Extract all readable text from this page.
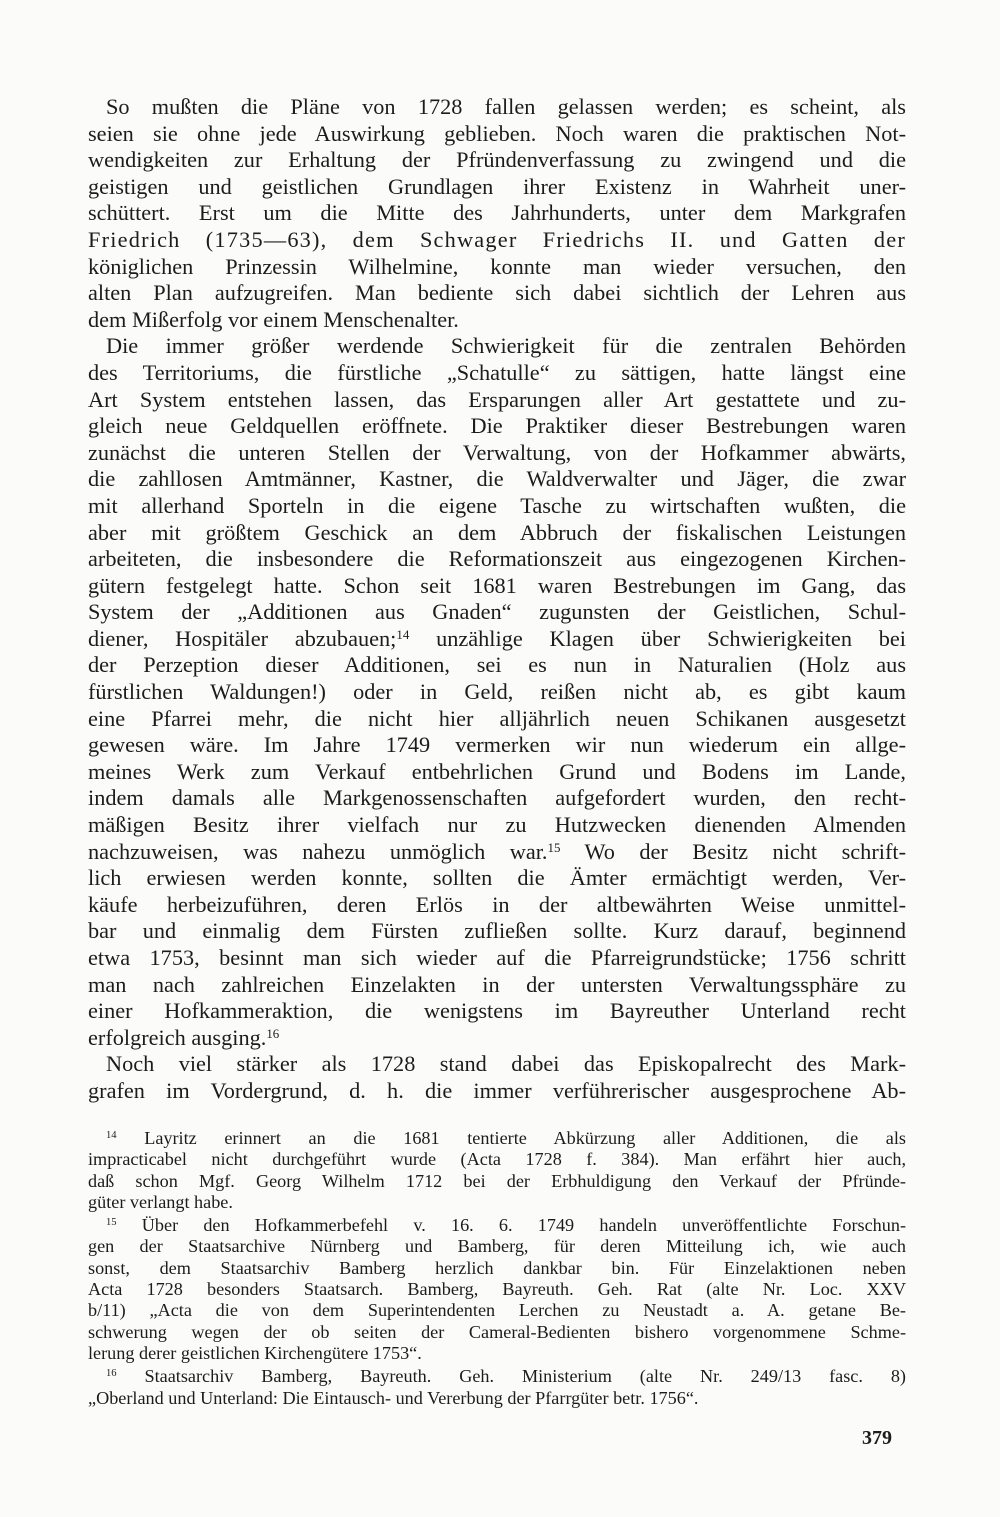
So mußten die Pläne von 1728 fallen gelassen werden; es scheint, als
seien sie ohne jede Auswirkung geblieben. Noch waren die praktischen Not-
wendigkeiten zur Erhaltung der Pfründenverfassung zu zwingend und die
geistigen und geistlichen Grundlagen ihrer Existenz in Wahrheit uner-
schüttert. Erst um die Mitte des Jahrhunderts, unter dem Markgrafen
Friedrich (1735—63), dem Schwager Friedrichs II. und Gatten der
königlichen Prinzessin Wilhelmine, konnte man wieder versuchen, den
alten Plan aufzugreifen. Man bediente sich dabei sichtlich der Lehren aus
dem Mißerfolg vor einem Menschenalter.

Die immer größer werdende Schwierigkeit für die zentralen Behörden
des Territoriums, die fürstliche „Schatulle“ zu sättigen, hatte längst eine
Art System entstehen lassen, das Ersparungen aller Art gestattete und zu-
gleich neue Geldquellen eröffnete. Die Praktiker dieser Bestrebungen waren
zunächst die unteren Stellen der Verwaltung, von der Hofkammer abwärts,
die zahllosen Amtmänner, Kastner, die Waldverwalter und Jäger, die zwar
mit allerhand Sporteln in die eigene Tasche zu wirtschaften wußten, die
aber mit größtem Geschick an dem Abbruch der fiskalischen Leistungen
arbeiteten, die insbesondere die Reformationszeit aus eingezogenen Kirchen-
gütern festgelegt hatte. Schon seit 1681 waren Bestrebungen im Gang, das
System der „Additionen aus Gnaden“ zugunsten der Geistlichen, Schul-
diener, Hospitäler abzubauen;$^{14}$ unzählige Klagen über Schwierigkeiten bei
der Perzeption dieser Additionen, sei es nun in Naturalien (Holz aus
fürstlichen Waldungen!) oder in Geld, reißen nicht ab, es gibt kaum
eine Pfarrei mehr, die nicht hier alljährlich neuen Schikanen ausgesetzt
gewesen wäre. Im Jahre 1749 vermerken wir nun wiederum ein allge-
meines Werk zum Verkauf entbehrlichen Grund und Bodens im Lande,
indem damals alle Markgenossenschaften aufgefordert wurden, den recht-
mäßigen Besitz ihrer vielfach nur zu Hutzwecken dienenden Almenden
nachzuweisen, was nahezu unmöglich war.$^{15}$ Wo der Besitz nicht schrift-
lich erwiesen werden konnte, sollten die Ämter ermächtigt werden, Ver-
käufe herbeizuführen, deren Erlös in der altbewährten Weise unmittel-
bar und einmalig dem Fürsten zufließen sollte. Kurz darauf, beginnend
etwa 1753, besinnt man sich wieder auf die Pfarreigrundstücke; 1756 schritt
man nach zahlreichen Einzelakten in der untersten Verwaltungssphäre zu
einer Hofkammeraktion, die wenigstens im Bayreuther Unterland recht
erfolgreich ausging.$^{16}$

Noch viel stärker als 1728 stand dabei das Episkopalrecht des Mark-
grafen im Vordergrund, d. h. die immer verführerischer ausgesprochene Ab-

$^{14}$ Layritz erinnert an die 1681 tentierte Abkürzung aller Additionen, die als
impracticabel nicht durchgeführt wurde (Acta 1728 f. 384). Man erfährt hier auch,
daß schon Mgf. Georg Wilhelm 1712 bei der Erbhuldigung den Verkauf der Pfründe-
güter verlangt habe.
$^{15}$ Über den Hofkammerbefehl v. 16. 6. 1749 handeln unveröffentlichte Forschun-
gen der Staatsarchive Nürnberg und Bamberg, für deren Mitteilung ich, wie auch
sonst, dem Staatsarchiv Bamberg herzlich dankbar bin. Für Einzelaktionen neben
Acta 1728 besonders Staatsarch. Bamberg, Bayreuth. Geh. Rat (alte Nr. Loc. XXV
b/11) „Acta die von dem Superintendenten Lerchen zu Neustadt a. A. getane Be-
schwerung wegen der ob seiten der Cameral-Bedienten bishero vorgenommene Schme-
lerung derer geistlichen Kirchengütere 1753“.
$^{16}$ Staatsarchiv Bamberg, Bayreuth. Geh. Ministerium (alte Nr. 249/13 fasc. 8)
„Oberland und Unterland: Die Eintausch- und Vererbung der Pfarrgüter betr. 1756“.
379
